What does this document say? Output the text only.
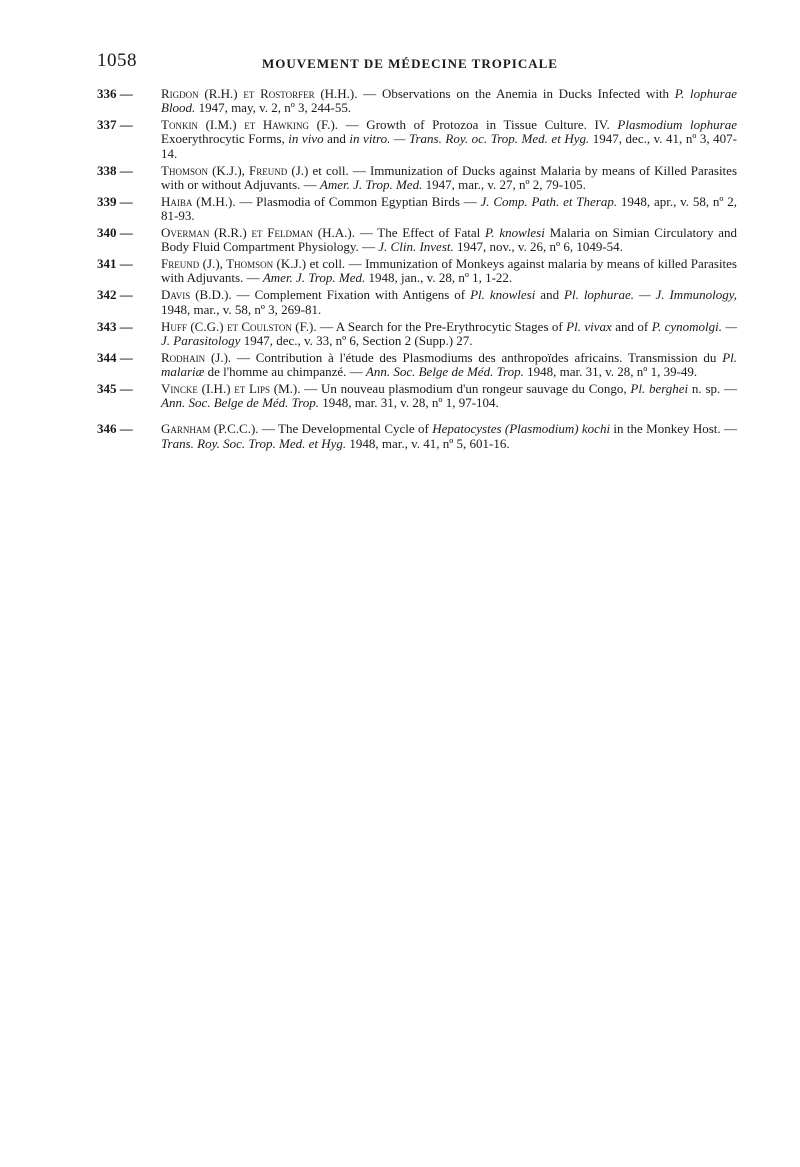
1058	MOUVEMENT DE MÉDECINE TROPICALE

336 — Rigdon (R.H.) et Rostorfer (H.H.). — Observations on the Anemia in Ducks Infected with P. lophurae Blood. 1947, may, v. 2, nº 3, 244-55.

337 — Tonkin (I.M.) et Hawking (F.). — Growth of Protozoa in Tissue Culture. IV. Plasmodium lophurae Exoerythrocytic Forms, in vivo and in vitro. — Trans. Roy. oc. Trop. Med. et Hyg. 1947, dec., v. 41, nº 3, 407-14.

338 — Thomson (K.J.), Freund (J.) et coll. — Immunization of Ducks against Malaria by means of Killed Parasites with or without Adjuvants. — Amer. J. Trop. Med. 1947, mar., v. 27, nº 2, 79-105.

339 — Haiba (M.H.). — Plasmodia of Common Egyptian Birds — J. Comp. Path. et Therap. 1948, apr., v. 58, nº 2, 81-93.

340 — Overman (R.R.) et Feldman (H.A.). — The Effect of Fatal P. knowlesi Malaria on Simian Circulatory and Body Fluid Compartment Physiology. — J. Clin. Invest. 1947, nov., v. 26, nº 6, 1049-54.

341 — Freund (J.), Thomson (K.J.) et coll. — Immunization of Monkeys against malaria by means of killed Parasites with Adjuvants. — Amer. J. Trop. Med. 1948, jan., v. 28, nº 1, 1-22.

342 — Davis (B.D.). — Complement Fixation with Antigens of Pl. knowlesi and Pl. lophurae. — J. Immunology, 1948, mar., v. 58, nº 3, 269-81.

343 — Huff (C.G.) et Coulston (F.). — A Search for the Pre-Erythrocytic Stages of Pl. vivax and of P. cynomolgi. — J. Parasitology 1947, dec., v. 33, nº 6, Section 2 (Supp.) 27.

344 — Rodhain (J.). — Contribution à l'étude des Plasmodiums des anthropoïdes africains. Transmission du Pl. malariæ de l'homme au chimpanzé. — Ann. Soc. Belge de Méd. Trop. 1948, mar. 31, v. 28, nº 1, 39-49.

345 — Vincke (I.H.) et Lips (M.). — Un nouveau plasmodium d'un rongeur sauvage du Congo, Pl. berghei n. sp. — Ann. Soc. Belge de Méd. Trop. 1948, mar. 31, v. 28, nº 1, 97-104.

346 — Garnham (P.C.C.). — The Developmental Cycle of Hepatocystes (Plasmodium) kochi in the Monkey Host. — Trans. Roy. Soc. Trop. Med. et Hyg. 1948, mar., v. 41, nº 5, 601-16.
